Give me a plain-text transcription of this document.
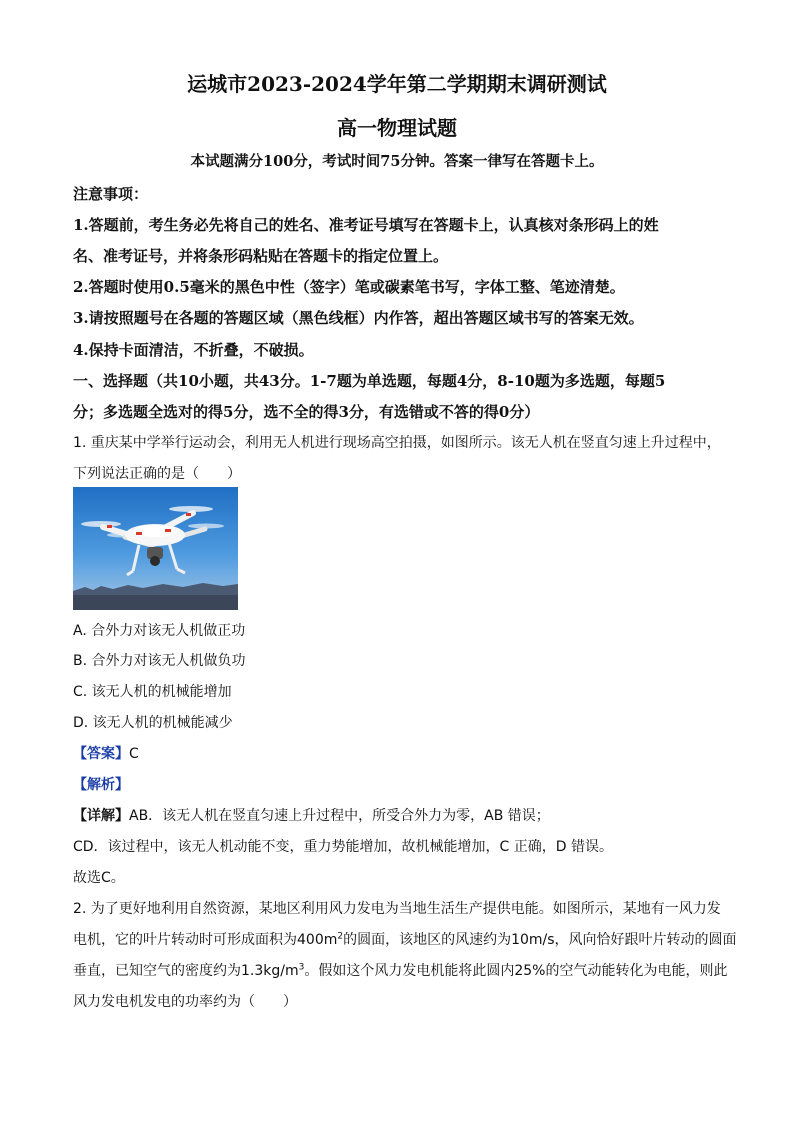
运城市2023-2024学年第二学期期末调研测试
高一物理试题
本试题满分100分，考试时间75分钟。答案一律写在答题卡上。
注意事项：
1.答题前，考生务必先将自己的姓名、准考证号填写在答题卡上，认真核对条形码上的姓
名、准考证号，并将条形码粘贴在答题卡的指定位置上。
2.答题时使用0.5毫米的黑色中性（签字）笔或碳素笔书写，字体工整、笔迹清楚。
3.请按照题号在各题的答题区域（黑色线框）内作答，超出答题区域书写的答案无效。
4.保持卡面清洁，不折叠，不破损。
一、选择题（共10小题，共43分。1-7题为单选题，每题4分，8-10题为多选题，每题5
分；多选题全选对的得5分，选不全的得3分，有选错或不答的得0分）
1. 重庆某中学举行运动会，利用无人机进行现场高空拍摄，如图所示。该无人机在竖直匀速上升过程中，
下列说法正确的是（　　）
A. 合外力对该无人机做正功
B. 合外力对该无人机做负功
C. 该无人机的机械能增加
D. 该无人机的机械能减少
【答案】C
【解析】
【详解】AB．该无人机在竖直匀速上升过程中，所受合外力为零，AB 错误；
CD．该过程中，该无人机动能不变，重力势能增加，故机械能增加，C 正确，D 错误。
故选C。
2. 为了更好地利用自然资源，某地区利用风力发电为当地生活生产提供电能。如图所示，某地有一风力发
电机，它的叶片转动时可形成面积为$400m^2$的圆面，该地区的风速约为10m/s，风向恰好跟叶片转动的圆面
垂直，已知空气的密度约为$1.3kg/m^3$。假如这个风力发电机能将此圆内25%的空气动能转化为电能，则此
风力发电机发电的功率约为（　　）
